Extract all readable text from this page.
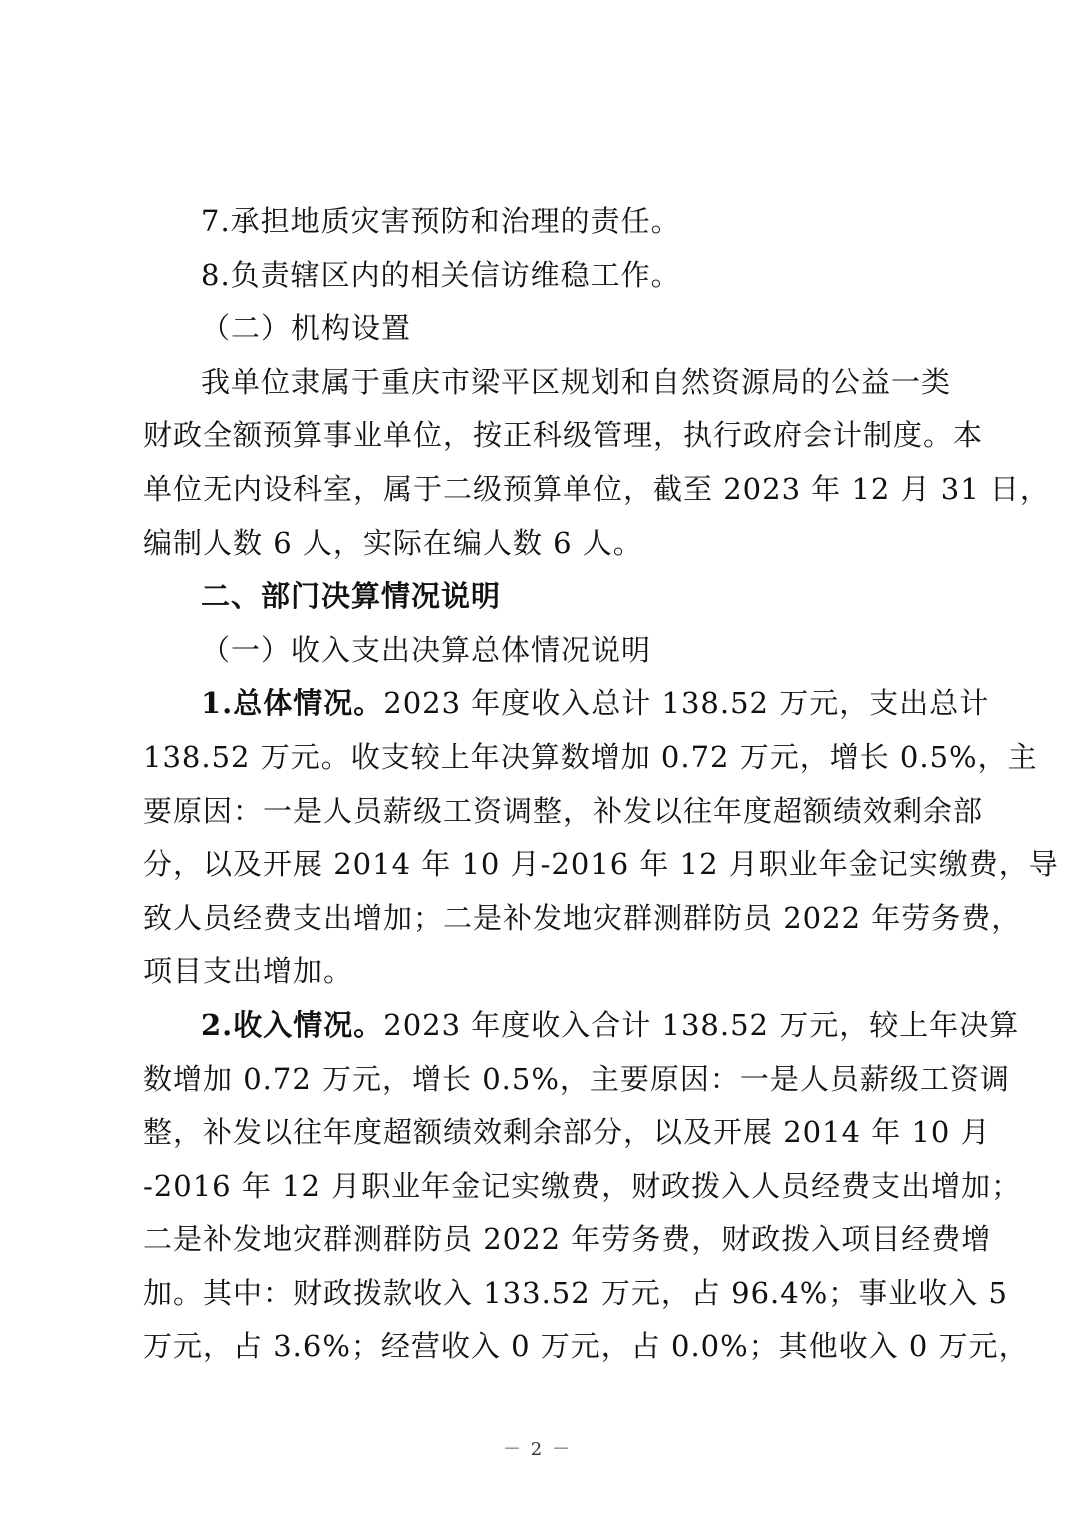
7.承担地质灾害预防和治理的责任。
8.负责辖区内的相关信访维稳工作。
（二）机构设置
我单位隶属于重庆市梁平区规划和自然资源局的公益一类
财政全额预算事业单位，按正科级管理，执行政府会计制度。本
单位无内设科室，属于二级预算单位，截至 2023 年 12 月 31 日，
编制人数 6 人，实际在编人数 6 人。
二、部门决算情况说明
（一）收入支出决算总体情况说明
1.总体情况。2023 年度收入总计 138.52 万元，支出总计
138.52 万元。收支较上年决算数增加 0.72 万元，增长 0.5%，主
要原因：一是人员薪级工资调整，补发以往年度超额绩效剩余部
分，以及开展 2014 年 10 月-2016 年 12 月职业年金记实缴费，导
致人员经费支出增加；二是补发地灾群测群防员 2022 年劳务费，
项目支出增加。
2.收入情况。2023 年度收入合计 138.52 万元，较上年决算
数增加 0.72 万元，增长 0.5%，主要原因：一是人员薪级工资调
整，补发以往年度超额绩效剩余部分，以及开展 2014 年 10 月
-2016 年 12 月职业年金记实缴费，财政拨入人员经费支出增加；
二是补发地灾群测群防员 2022 年劳务费，财政拨入项目经费增
加。其中：财政拨款收入 133.52 万元，占 96.4%；事业收入 5
万元，占 3.6%；经营收入 0 万元，占 0.0%；其他收入 0 万元，
－ 2 －
